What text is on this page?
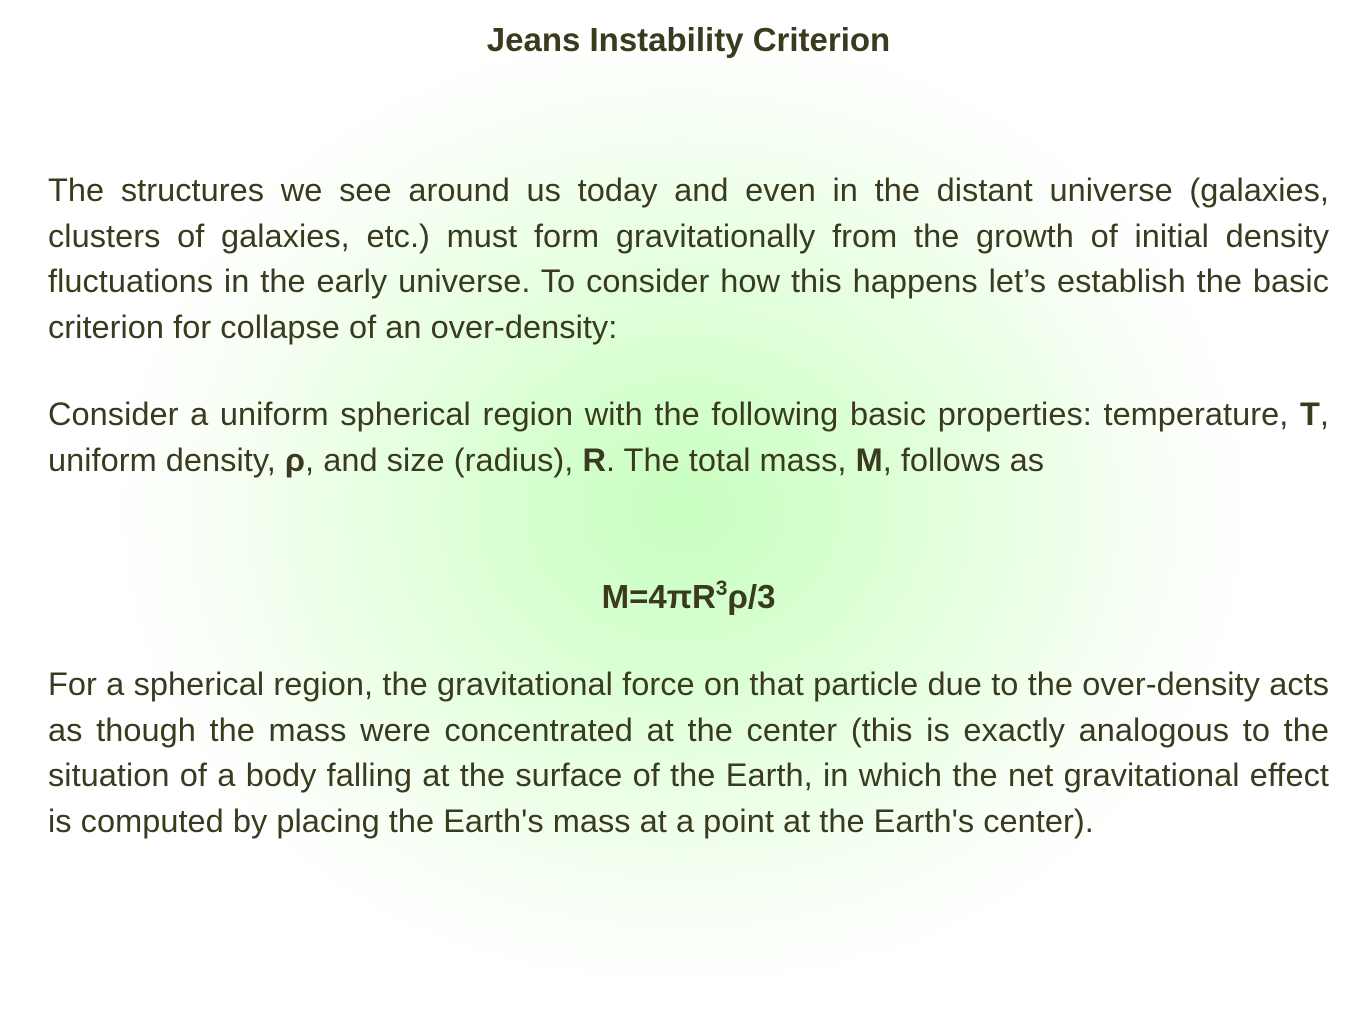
Jeans Instability Criterion

The structures we see around us today and even in the distant universe (galaxies, clusters of galaxies, etc.) must form gravitationally from the growth of initial density fluctuations in the early universe. To consider how this happens let’s establish the basic criterion for collapse of an over-density:

Consider a uniform spherical region with the following basic properties: temperature, T, uniform density, ρ, and size (radius), R. The total mass, M, follows as

$M=4\pi R^3\rho/3$

For a spherical region, the gravitational force on that particle due to the over-density acts as though the mass were concentrated at the center (this is exactly analogous to the situation of a body falling at the surface of the Earth, in which the net gravitational effect is computed by placing the Earth's mass at a point at the Earth's center).
